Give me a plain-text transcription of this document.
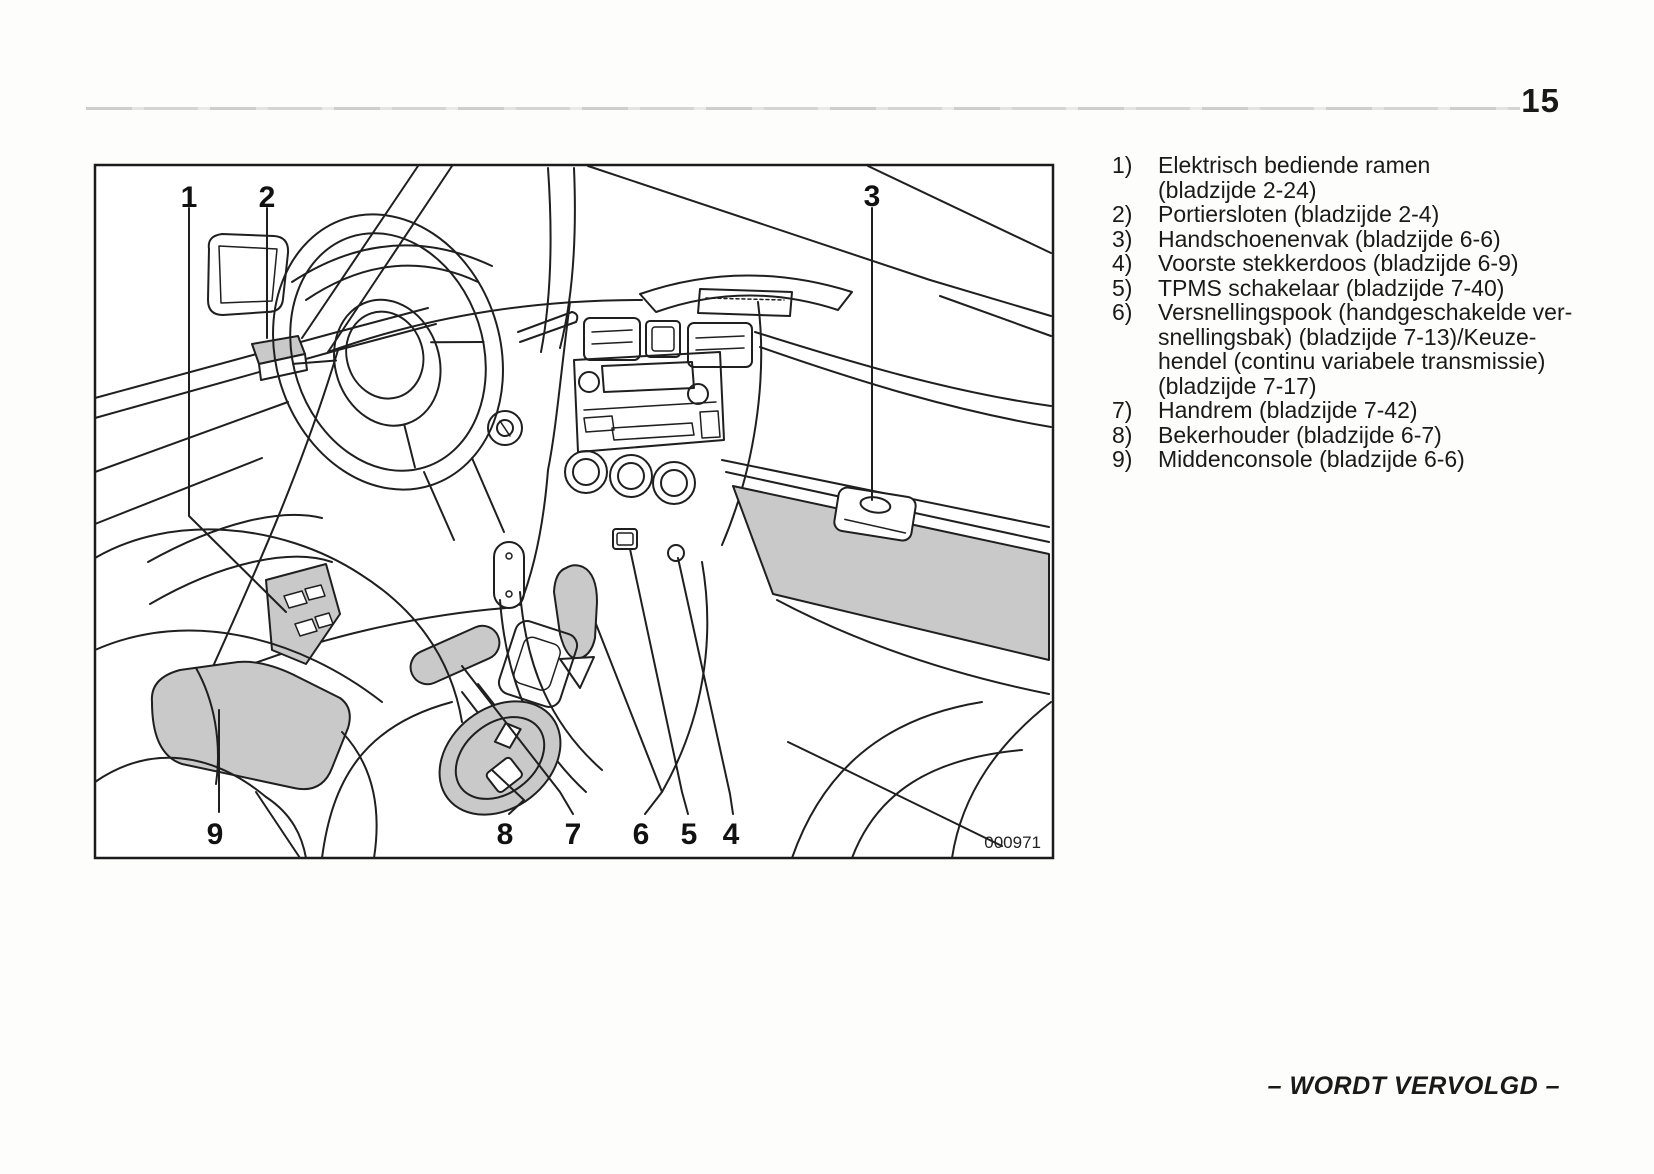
15
1 2	3
9	8 7 6 5 4	000971
1)	Elektrisch bediende ramen
(bladzijde 2-24)
2)	Portiersloten (bladzijde 2-4)
3)	Handschoenenvak (bladzijde 6-6)
4)	Voorste stekkerdoos (bladzijde 6-9)
5)	TPMS schakelaar (bladzijde 7-40)
6)	Versnellingspook (handgeschakelde ver-
snellingsbak) (bladzijde 7-13)/Keuze-
hendel (continu variabele transmissie)
(bladzijde 7-17)
7)	Handrem (bladzijde 7-42)
8)	Bekerhouder (bladzijde 6-7)
9)	Middenconsole (bladzijde 6-6)
– WORDT VERVOLGD –
